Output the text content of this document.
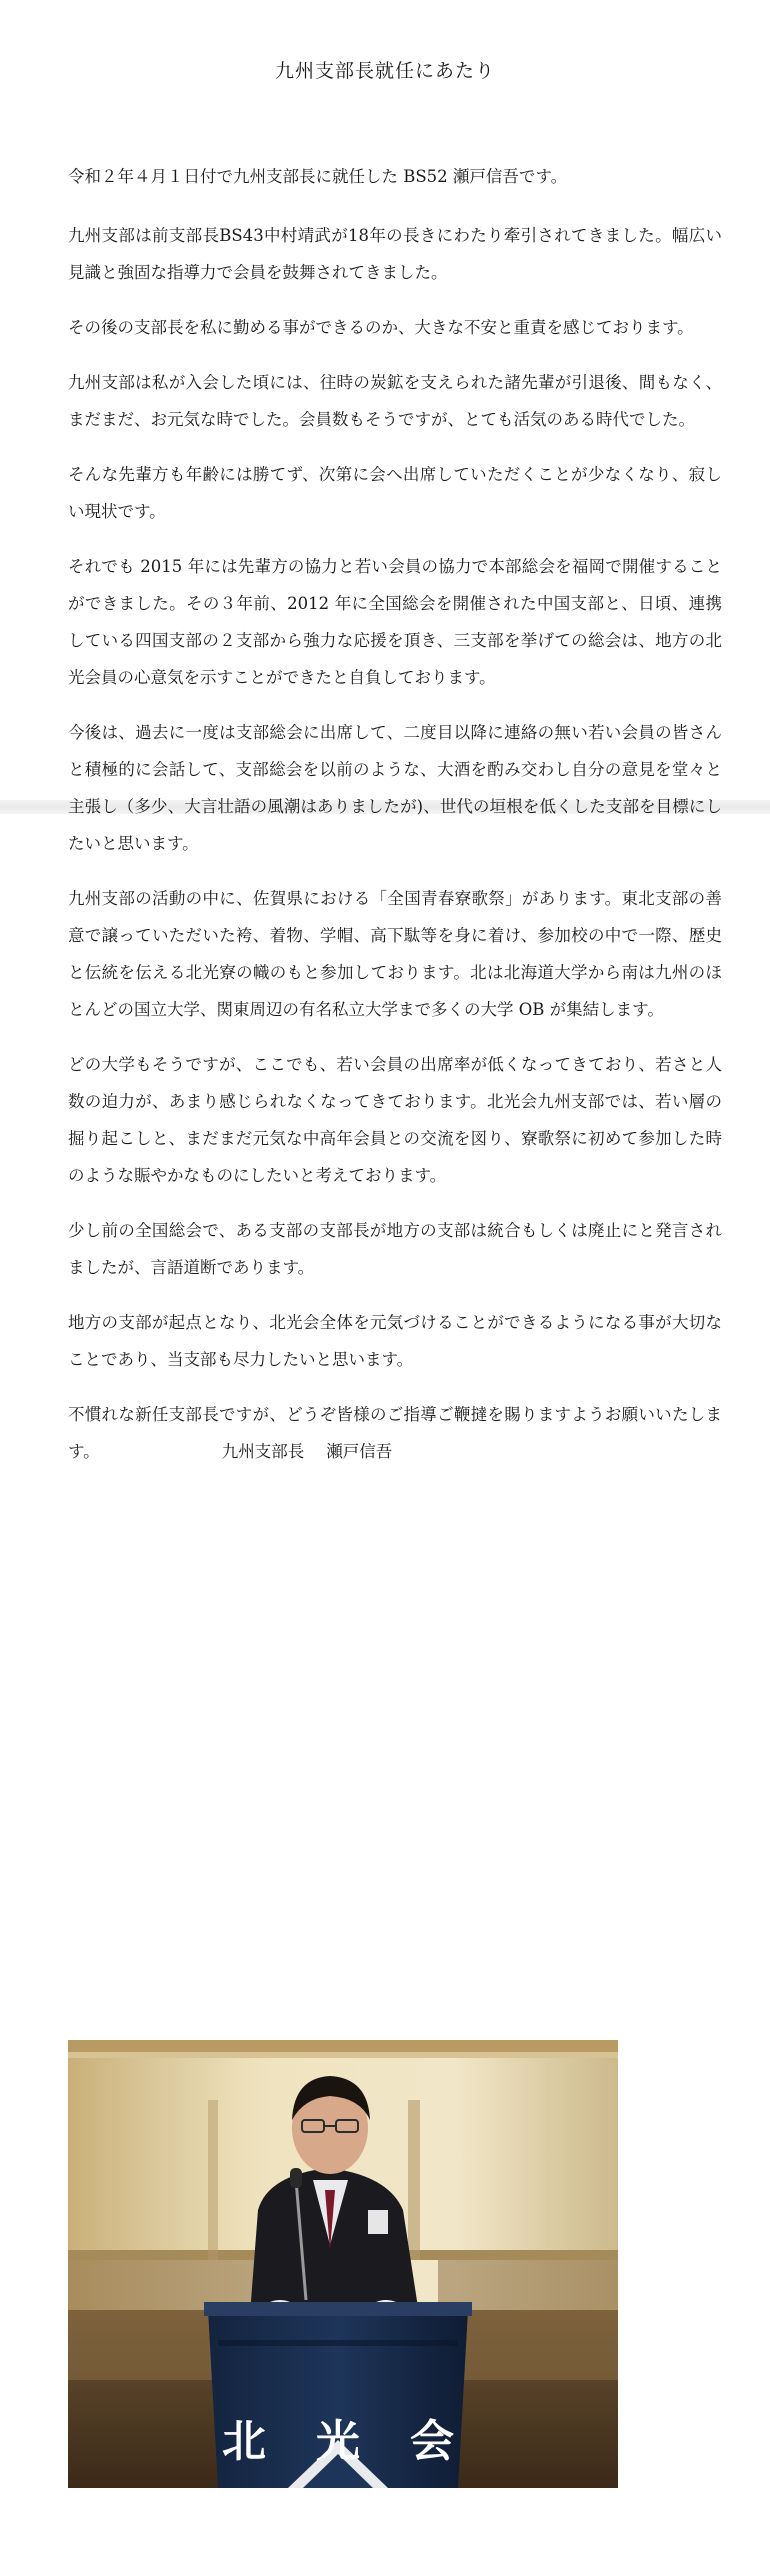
九州支部長就任にあたり

令和２年４月１日付で九州支部長に就任した BS52 瀬戸信吾です。

九州支部は前支部長BS43中村靖武が18年の長きにわたり牽引されてきました。幅広い見識と強固な指導力で会員を鼓舞されてきました。

その後の支部長を私に勤める事ができるのか、大きな不安と重責を感じております。

九州支部は私が入会した頃には、往時の炭鉱を支えられた諸先輩が引退後、間もなく、まだまだ、お元気な時でした。会員数もそうですが、とても活気のある時代でした。

そんな先輩方も年齢には勝てず、次第に会へ出席していただくことが少なくなり、寂しい現状です。

それでも 2015 年には先輩方の協力と若い会員の協力で本部総会を福岡で開催することができました。その３年前、2012 年に全国総会を開催された中国支部と、日頃、連携している四国支部の２支部から強力な応援を頂き、三支部を挙げての総会は、地方の北光会員の心意気を示すことができたと自負しております。

今後は、過去に一度は支部総会に出席して、二度目以降に連絡の無い若い会員の皆さんと積極的に会話して、支部総会を以前のような、大酒を酌み交わし自分の意見を堂々と主張し（多少、大言壮語の風潮はありましたが)、世代の垣根を低くした支部を目標にしたいと思います。

九州支部の活動の中に、佐賀県における「全国青春寮歌祭」があります。東北支部の善意で譲っていただいた袴、着物、学帽、高下駄等を身に着け、参加校の中で一際、歴史と伝統を伝える北光寮の幟のもと参加しております。北は北海道大学から南は九州のほとんどの国立大学、関東周辺の有名私立大学まで多くの大学 OB が集結します。

どの大学もそうですが、ここでも、若い会員の出席率が低くなってきており、若さと人数の迫力が、あまり感じられなくなってきております。北光会九州支部では、若い層の掘り起こしと、まだまだ元気な中高年会員との交流を図り、寮歌祭に初めて参加した時のような賑やかなものにしたいと考えております。

少し前の全国総会で、ある支部の支部長が地方の支部は統合もしくは廃止にと発言されましたが、言語道断であります。

地方の支部が起点となり、北光会全体を元気づけることができるようになる事が大切なことであり、当支部も尽力したいと思います。

不慣れな新任支部長ですが、どうぞ皆様のご指導ご鞭撻を賜りますようお願いいたします。	九州支部長 瀬戸信吾

北 光 会
